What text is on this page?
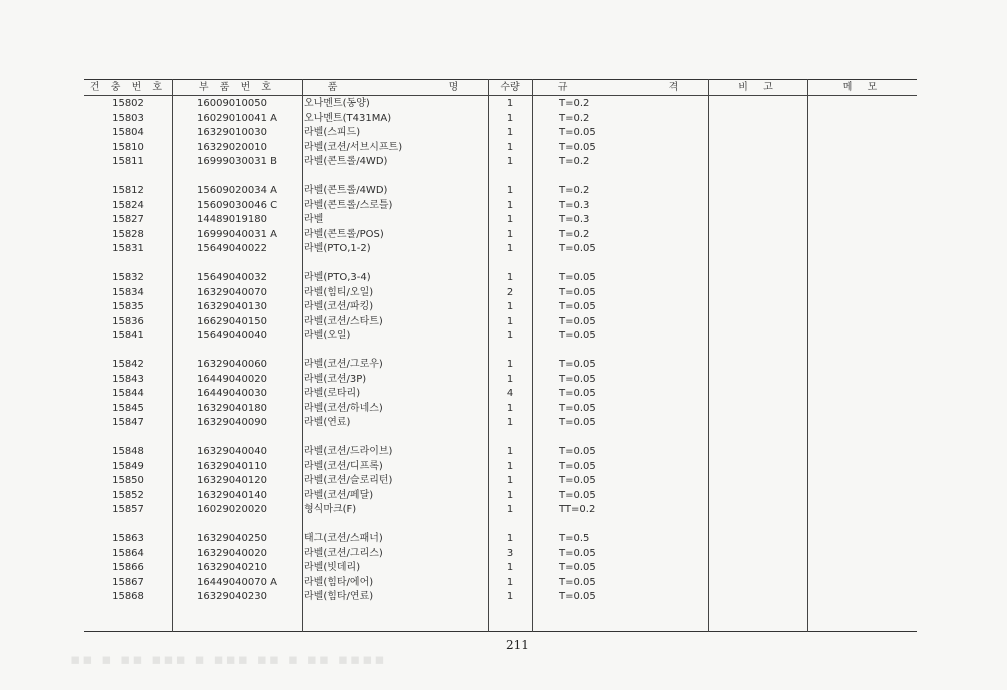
건 충 번 호	부 품 번 호	품 명	수량	규 격	비 고	메 모
15802	16009010050	오나멘트(동양)	1	T=0.2
15803	16029010041 A	오나멘트(T431MA)	1	T=0.2
15804	16329010030	라벨(스피드)	1	T=0.05
15810	16329020010	라벨(코션/서브시프트)	1	T=0.05
15811	16999030031 B	라벨(콘트롤/4WD)	1	T=0.2
15812	15609020034 A	라벨(콘트롤/4WD)	1	T=0.2
15824	15609030046 C	라벨(콘트롤/스로틀)	1	T=0.3
15827	14489019180	라벨	1	T=0.3
15828	16999040031 A	라벨(콘트롤/POS)	1	T=0.2
15831	15649040022	라벨(PTO,1-2)	1	T=0.05
15832	15649040032	라벨(PTO,3-4)	1	T=0.05
15834	16329040070	라벨(힘티/오일)	2	T=0.05
15835	16329040130	라벨(코션/파킹)	1	T=0.05
15836	16629040150	라벨(코션/스타트)	1	T=0.05
15841	15649040040	라벨(오일)	1	T=0.05
15842	16329040060	라벨(코션/그로우)	1	T=0.05
15843	16449040020	라벨(코션/3P)	1	T=0.05
15844	16449040030	라벨(로타리)	4	T=0.05
15845	16329040180	라벨(코션/하네스)	1	T=0.05
15847	16329040090	라벨(연료)	1	T=0.05
15848	16329040040	라벨(코션/드라이브)	1	T=0.05
15849	16329040110	라벨(코션/디프록)	1	T=0.05
15850	16329040120	라벨(코션/슬로리턴)	1	T=0.05
15852	16329040140	라벨(코션/페달)	1	T=0.05
15857	16029020020	형식마크(F)	1	TT=0.2
15863	16329040250	태그(코션/스패너)	1	T=0.5
15864	16329040020	라벨(코션/그리스)	3	T=0.05
15866	16329040210	라벨(빗데리)	1	T=0.05
15867	16449040070 A	라벨(힘타/에어)	1	T=0.05
15868	16329040230	라벨(힘타/연료)	1	T=0.05
211
▪▪ ▪ ▪▪ ▪▪▪ ▪ ▪▪▪ ▪▪ ▪ ▪▪ ▪▪▪▪
